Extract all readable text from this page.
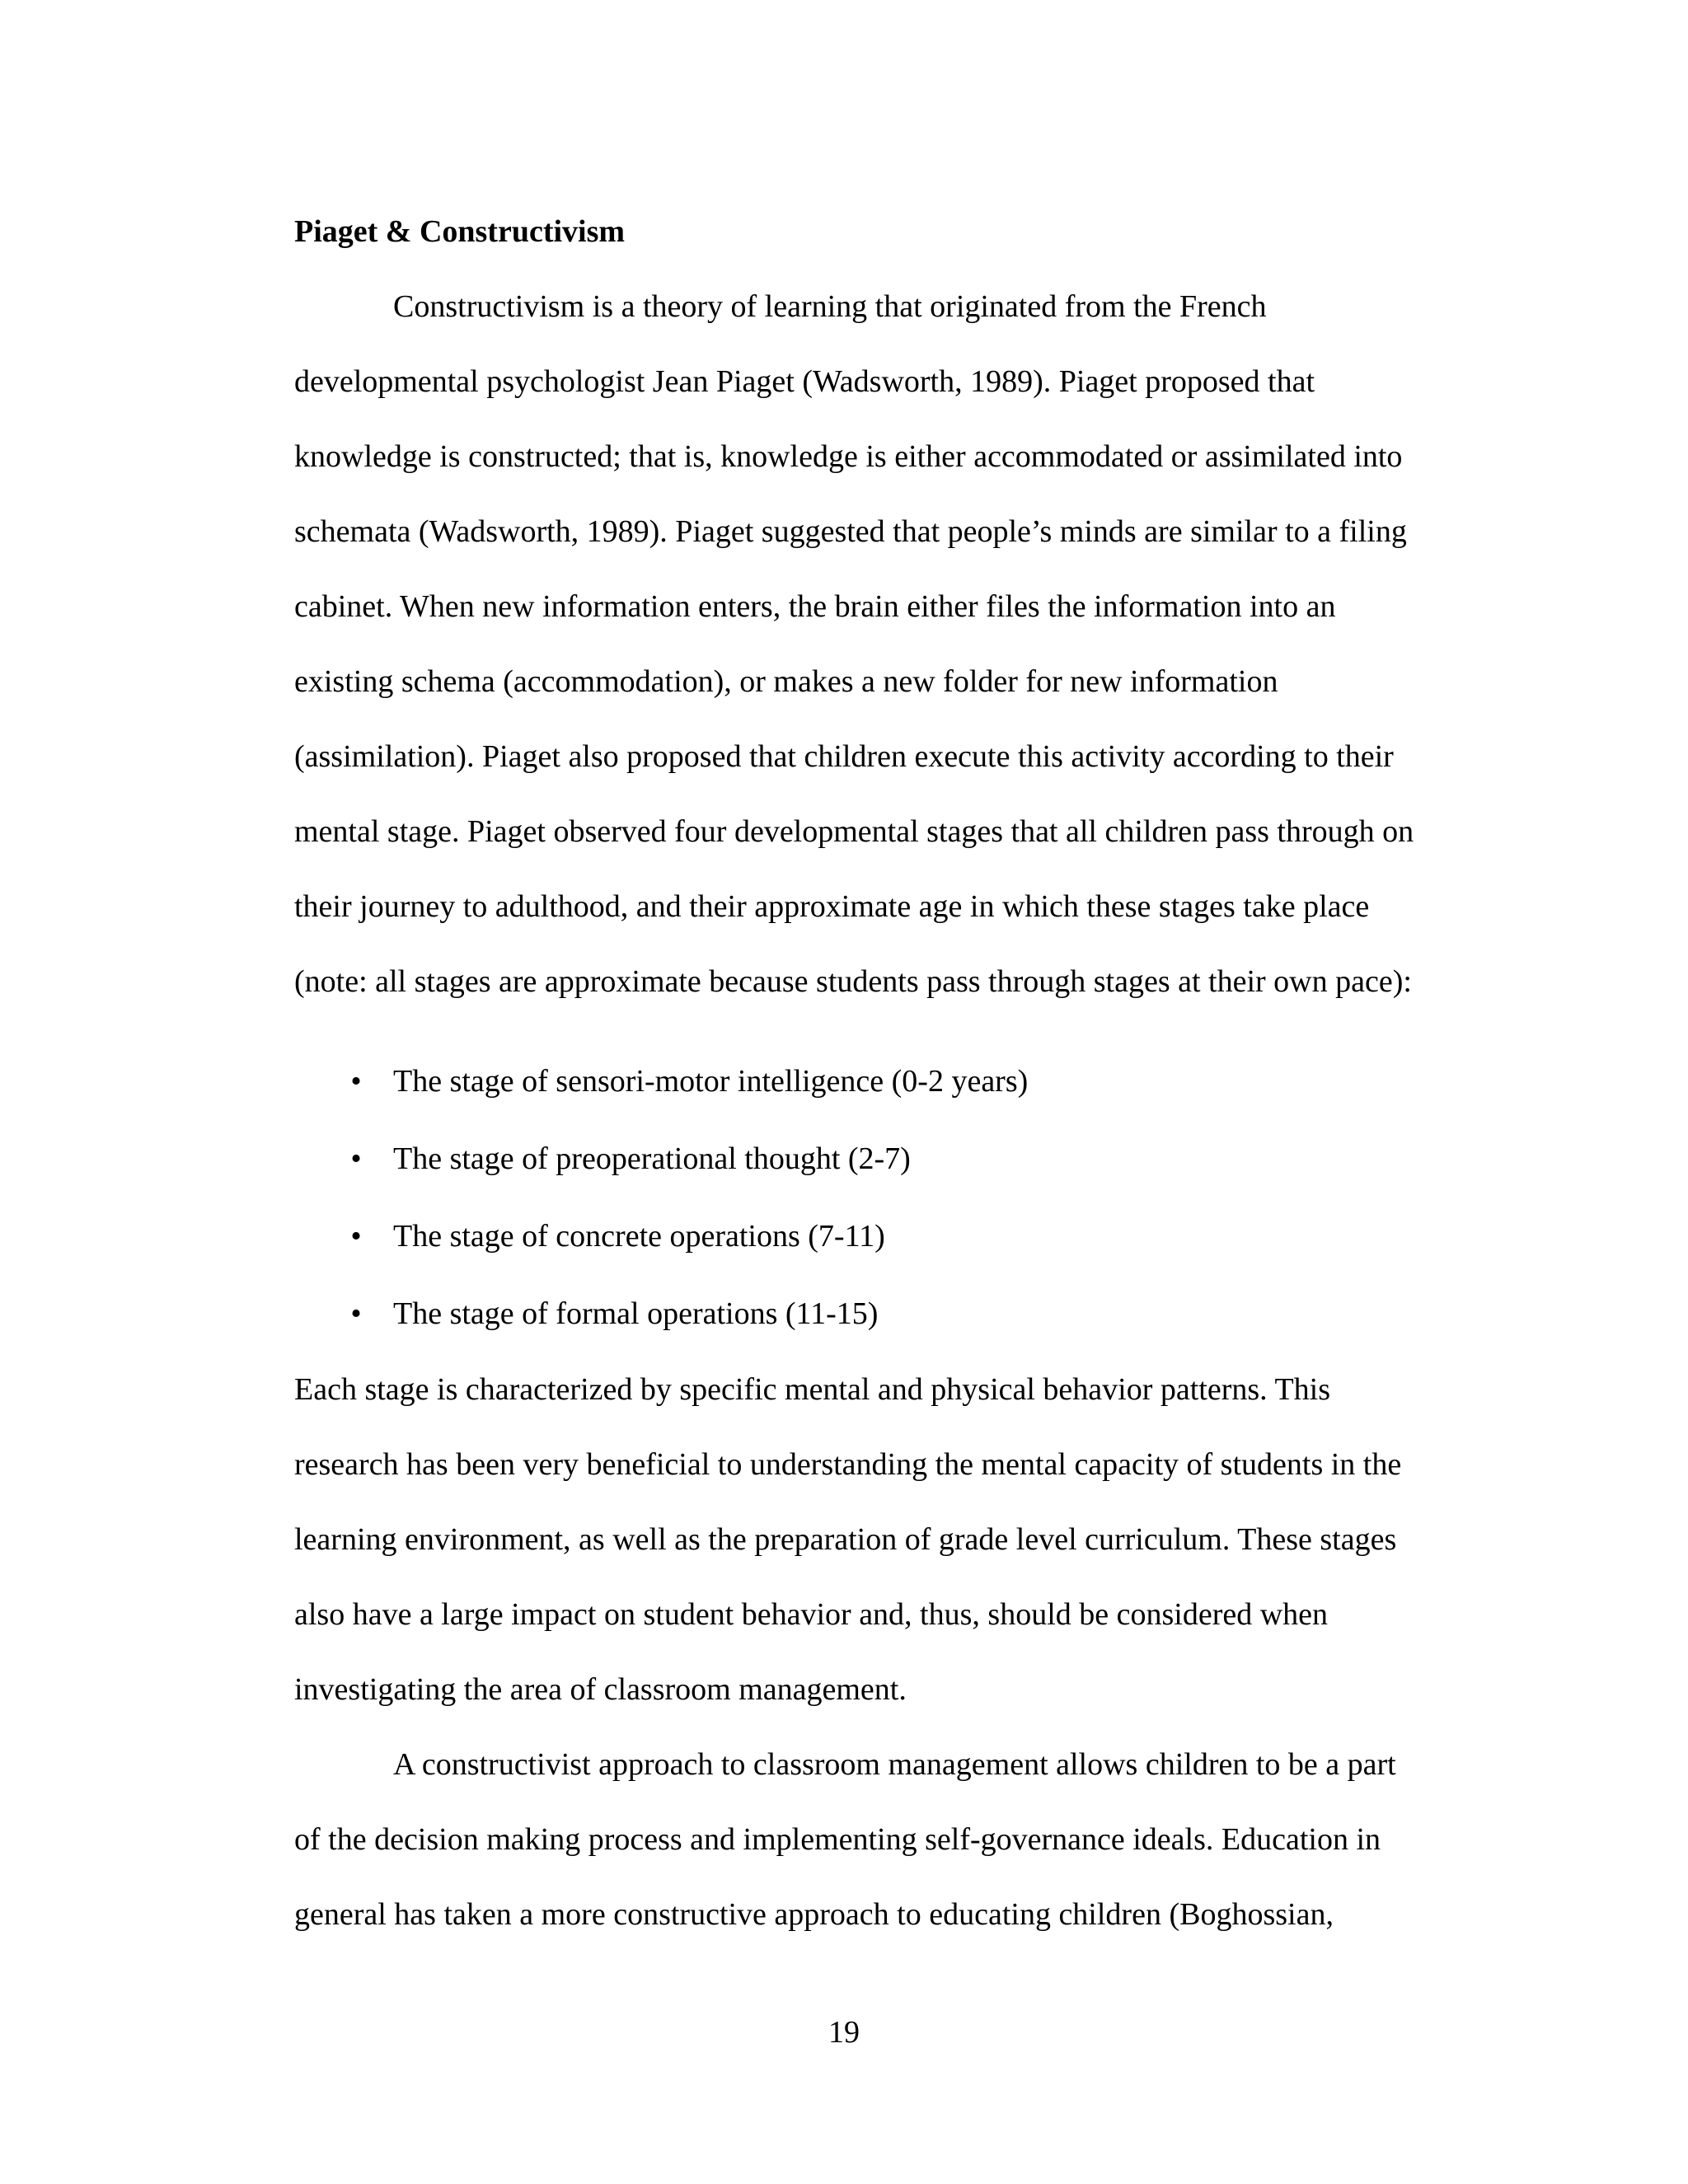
Piaget & Constructivism
Constructivism is a theory of learning that originated from the French
developmental psychologist Jean Piaget (Wadsworth, 1989). Piaget proposed that
knowledge is constructed; that is, knowledge is either accommodated or assimilated into
schemata (Wadsworth, 1989). Piaget suggested that people’s minds are similar to a filing
cabinet. When new information enters, the brain either files the information into an
existing schema (accommodation), or makes a new folder for new information
(assimilation). Piaget also proposed that children execute this activity according to their
mental stage. Piaget observed four developmental stages that all children pass through on
their journey to adulthood, and their approximate age in which these stages take place
(note: all stages are approximate because students pass through stages at their own pace):
• The stage of sensori-motor intelligence (0-2 years)
• The stage of preoperational thought (2-7)
• The stage of concrete operations (7-11)
• The stage of formal operations (11-15)
Each stage is characterized by specific mental and physical behavior patterns. This
research has been very beneficial to understanding the mental capacity of students in the
learning environment, as well as the preparation of grade level curriculum. These stages
also have a large impact on student behavior and, thus, should be considered when
investigating the area of classroom management.
A constructivist approach to classroom management allows children to be a part
of the decision making process and implementing self-governance ideals. Education in
general has taken a more constructive approach to educating children (Boghossian,
19
